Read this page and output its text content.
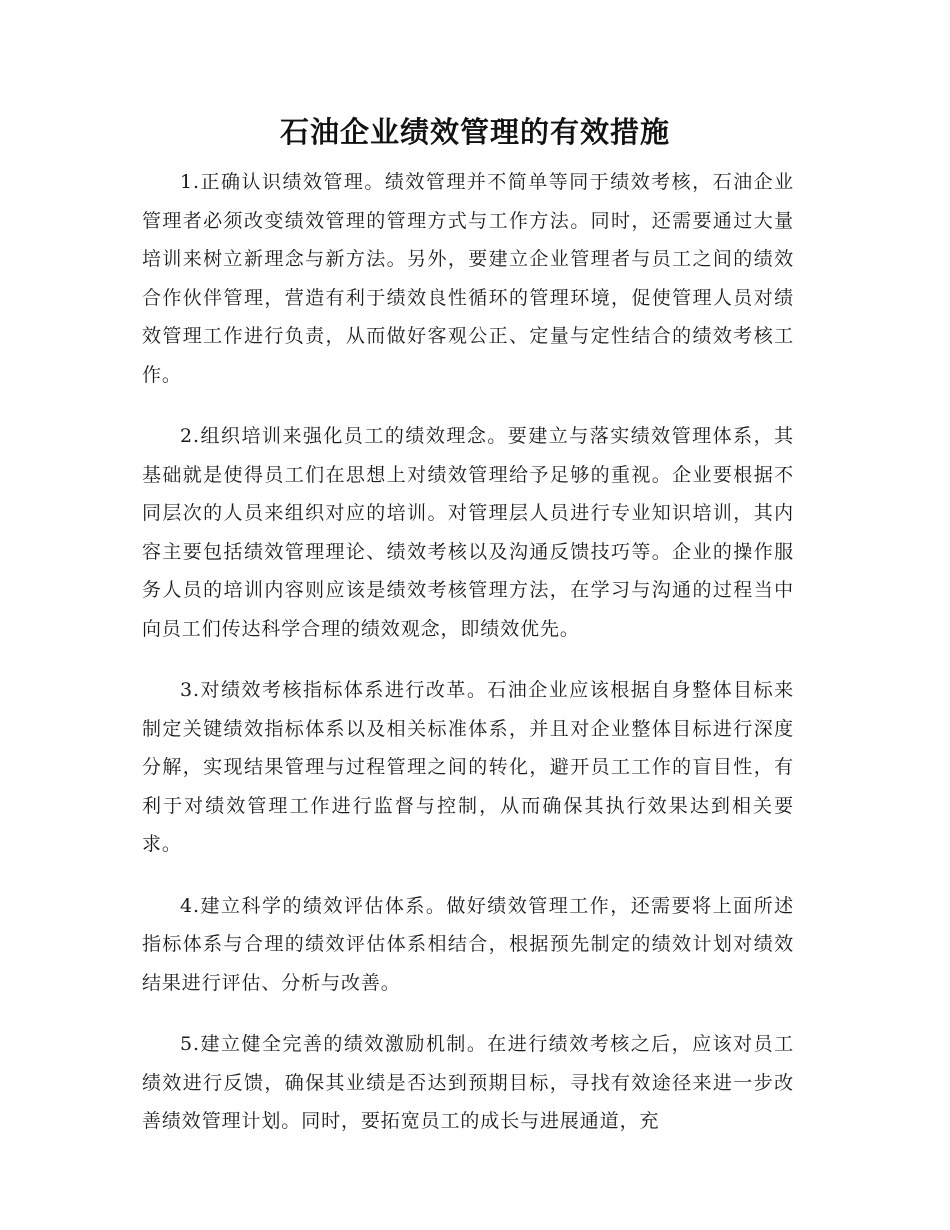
石油企业绩效管理的有效措施

1.正确认识绩效管理。绩效管理并不简单等同于绩效考核，石油企业管理者必须改变绩效管理的管理方式与工作方法。同时，还需要通过大量培训来树立新理念与新方法。另外，要建立企业管理者与员工之间的绩效合作伙伴管理，营造有利于绩效良性循环的管理环境，促使管理人员对绩效管理工作进行负责，从而做好客观公正、定量与定性结合的绩效考核工作。

2.组织培训来强化员工的绩效理念。要建立与落实绩效管理体系，其基础就是使得员工们在思想上对绩效管理给予足够的重视。企业要根据不同层次的人员来组织对应的培训。对管理层人员进行专业知识培训，其内容主要包括绩效管理理论、绩效考核以及沟通反馈技巧等。企业的操作服务人员的培训内容则应该是绩效考核管理方法，在学习与沟通的过程当中向员工们传达科学合理的绩效观念，即绩效优先。

3.对绩效考核指标体系进行改革。石油企业应该根据自身整体目标来制定关键绩效指标体系以及相关标准体系，并且对企业整体目标进行深度分解，实现结果管理与过程管理之间的转化，避开员工工作的盲目性，有利于对绩效管理工作进行监督与控制，从而确保其执行效果达到相关要求。

4.建立科学的绩效评估体系。做好绩效管理工作，还需要将上面所述指标体系与合理的绩效评估体系相结合，根据预先制定的绩效计划对绩效结果进行评估、分析与改善。

5.建立健全完善的绩效激励机制。在进行绩效考核之后，应该对员工绩效进行反馈，确保其业绩是否达到预期目标，寻找有效途径来进一步改善绩效管理计划。同时，要拓宽员工的成长与进展通道，充
